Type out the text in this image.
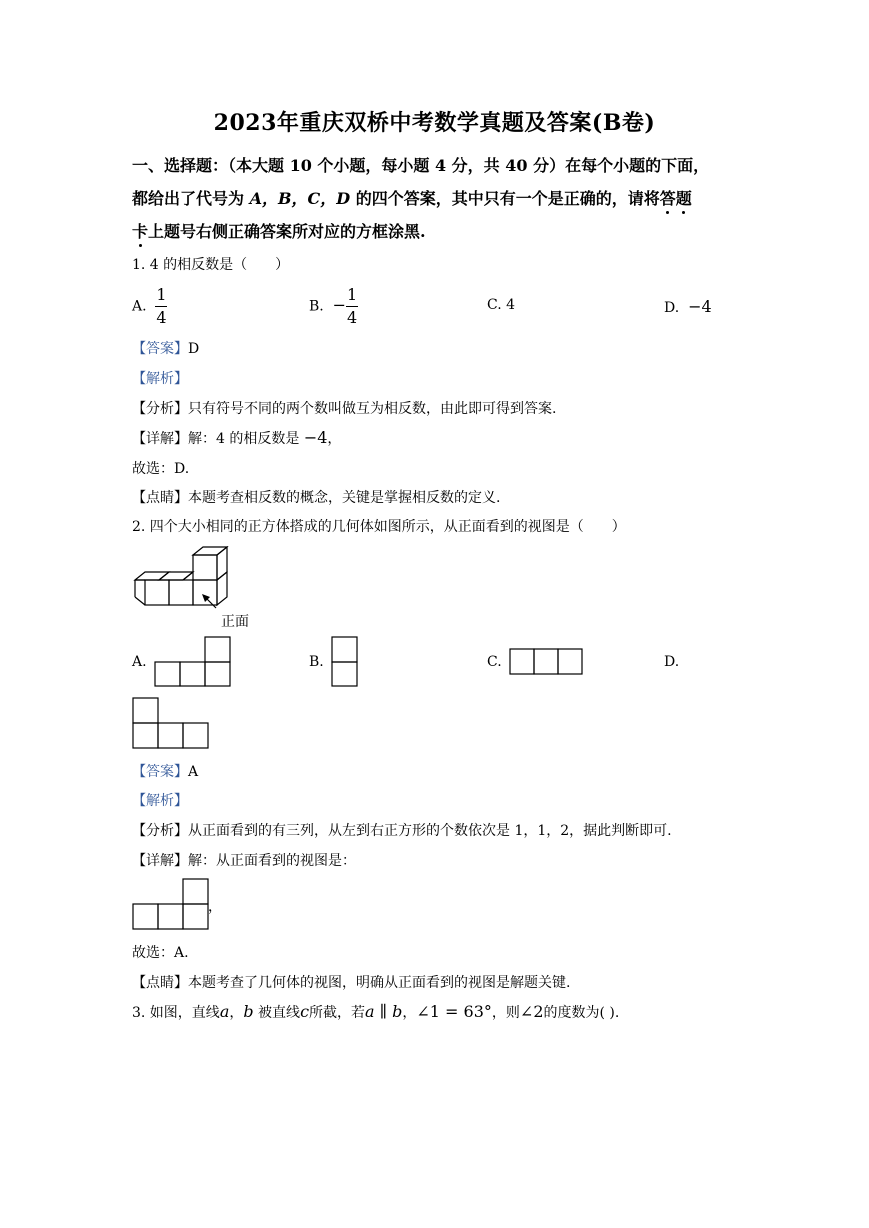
2023年重庆双桥中考数学真题及答案(B卷)
一、选择题：（本大题 10 个小题，每小题 4 分，共 40 分）在每个小题的下面，
都给出了代号为 A，B，C，D 的四个答案，其中只有一个是正确的，请将答题
卡上题号右侧正确答案所对应的方框涂黑.
1. 4 的相反数是（　　）
A. $\frac{1}{4}$	B. − $\frac{1}{4}$	C. 4	D. −4
【答案】D
【解析】
【分析】只有符号不同的两个数叫做互为相反数，由此即可得到答案.
【详解】解：4 的相反数是 −4，
故选：D.
【点睛】本题考查相反数的概念，关键是掌握相反数的定义.
2. 四个大小相同的正方体搭成的几何体如图所示，从正面看到的视图是（　　）
正面
A.	B.	C.	D.
【答案】A
【解析】
【分析】从正面看到的有三列，从左到右正方形的个数依次是 1，1，2，据此判断即可.
【详解】解：从正面看到的视图是：
，
故选：A.
【点睛】本题考查了几何体的视图，明确从正面看到的视图是解题关键.
3. 如图，直线a，b 被直线c所截，若a ∥ b，∠1 = 63°，则∠2的度数为( ).
